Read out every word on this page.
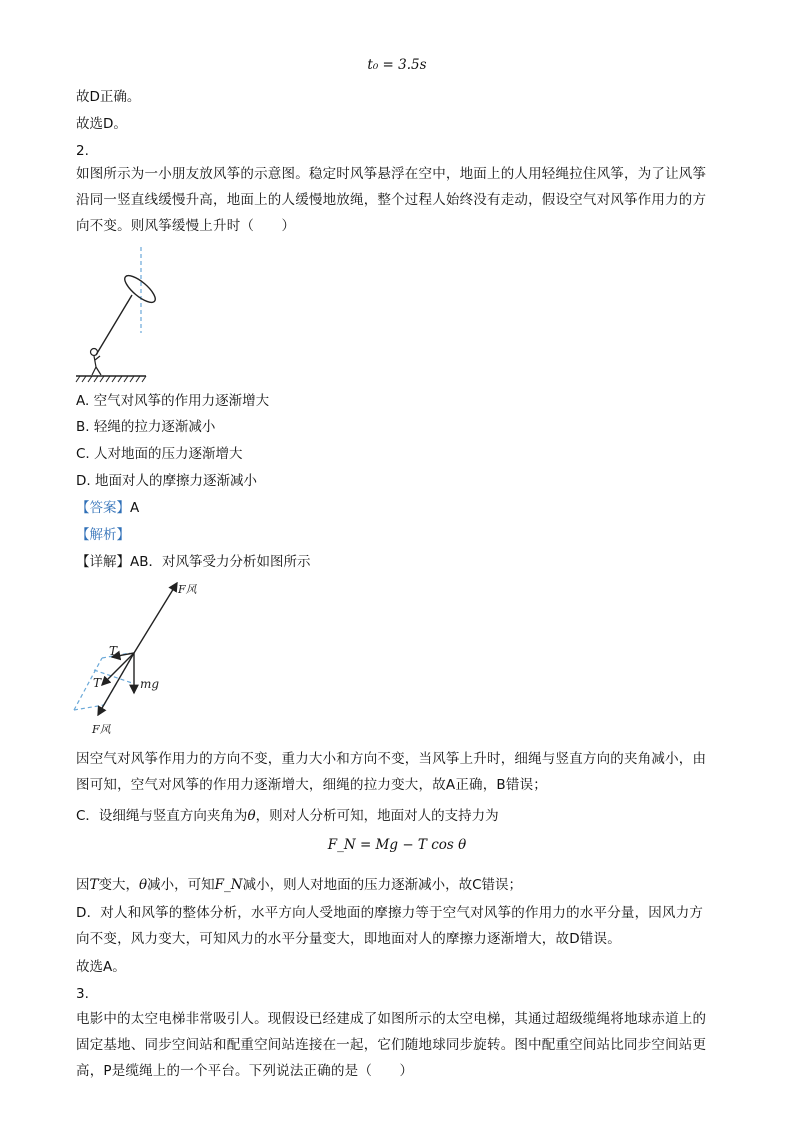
t₀ = 3.5s
故D正确。
故选D。
2.
如图所示为一小朋友放风筝的示意图。稳定时风筝悬浮在空中，地面上的人用轻绳拉住风筝，为了让风筝沿同一竖直线缓慢升高，地面上的人缓慢地放绳，整个过程人始终没有走动，假设空气对风筝作用力的方向不变。则风筝缓慢上升时（　　）
A. 空气对风筝的作用力逐渐增大
B. 轻绳的拉力逐渐减小
C. 人对地面的压力逐渐增大
D. 地面对人的摩擦力逐渐减小
【答案】A
【解析】
【详解】AB．对风筝受力分析如图所示
F风
T
T	mg
F风
因空气对风筝作用力的方向不变，重力大小和方向不变，当风筝上升时，细绳与竖直方向的夹角减小，由图可知，空气对风筝的作用力逐渐增大，细绳的拉力变大，故A正确，B错误；
C．设细绳与竖直方向夹角为θ，则对人分析可知，地面对人的支持力为
F_N = Mg − T cos θ
因T变大，θ减小，可知F_N减小，则人对地面的压力逐渐减小，故C错误；
D．对人和风筝的整体分析，水平方向人受地面的摩擦力等于空气对风筝的作用力的水平分量，因风力方向不变，风力变大，可知风力的水平分量变大，即地面对人的摩擦力逐渐增大，故D错误。
故选A。
3.
电影中的太空电梯非常吸引人。现假设已经建成了如图所示的太空电梯，其通过超级缆绳将地球赤道上的固定基地、同步空间站和配重空间站连接在一起，它们随地球同步旋转。图中配重空间站比同步空间站更高，P是缆绳上的一个平台。下列说法正确的是（　　）
